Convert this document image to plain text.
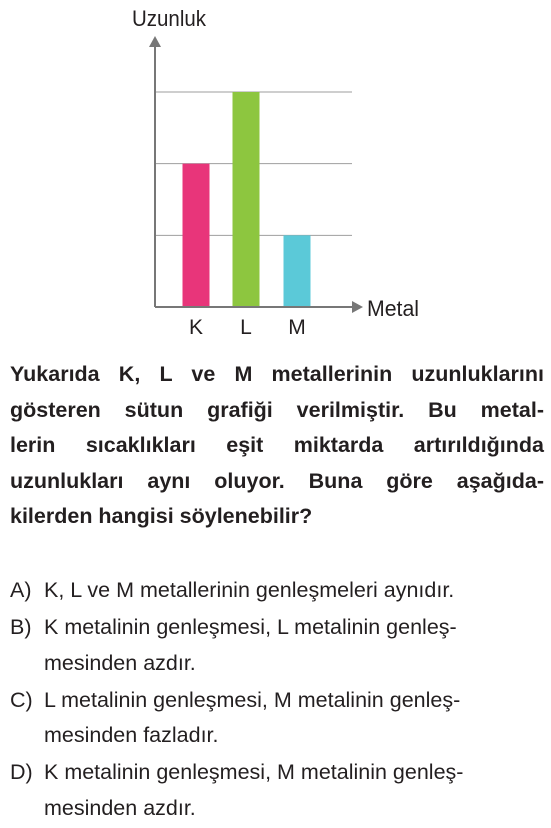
Uzunluk
Metal
K L M
Yukarıda K, L ve M metallerinin uzunluklarını
gösteren sütun grafiği verilmiştir. Bu metal-
lerin sıcaklıkları eşit miktarda artırıldığında
uzunlukları aynı oluyor. Buna göre aşağıda-
kilerden hangisi söylenebilir?
A) K, L ve M metallerinin genleşmeleri aynıdır.
B) K metalinin genleşmesi, L metalinin genleş-
mesinden azdır.
C) L metalinin genleşmesi, M metalinin genleş-
mesinden fazladır.
D) K metalinin genleşmesi, M metalinin genleş-
mesinden azdır.
